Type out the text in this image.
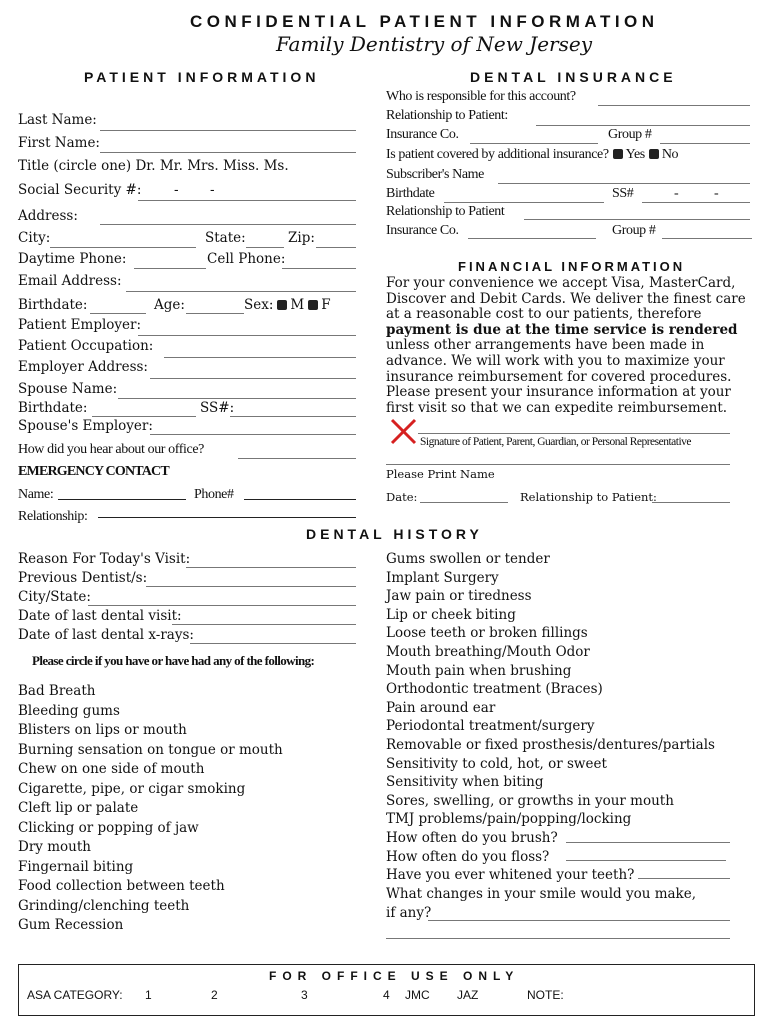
CONFIDENTIAL PATIENT INFORMATION
Family Dentistry of New Jersey
PATIENT INFORMATION
Last Name:
First Name:
Title (circle one) Dr. Mr. Mrs. Miss. Ms.
Social Security #: - -
Address:
City:	State:	Zip:
Daytime Phone:	Cell Phone:
Email Address:
Birthdate:	Age:	Sex: M F
Patient Employer:
Patient Occupation:
Employer Address:
Spouse Name:
Birthdate:	SS#:
Spouse's Employer:
How did you hear about our office?
EMERGENCY CONTACT
Name:	Phone#
Relationship:
DENTAL INSURANCE
Who is responsible for this account?
Relationship to Patient:
Insurance Co.	Group #
Is patient covered by additional insurance? Yes No
Subscriber's Name
Birthdate	SS#	-	-
Relationship to Patient
Insurance Co.	Group #
FINANCIAL INFORMATION
For your convenience we accept Visa, MasterCard, Discover and Debit Cards. We deliver the finest care at a reasonable cost to our patients, therefore payment is due at the time service is rendered unless other arrangements have been made in advance. We will work with you to maximize your insurance reimbursement for covered procedures. Please present your insurance information at your first visit so that we can expedite reimbursement.
Signature of Patient, Parent, Guardian, or Personal Representative
Please Print Name
Date:	Relationship to Patient:
DENTAL HISTORY
Reason For Today's Visit:
Previous Dentist/s:
City/State:
Date of last dental visit:
Date of last dental x-rays:
Please circle if you have or have had any of the following:
Bad Breath
Bleeding gums
Blisters on lips or mouth
Burning sensation on tongue or mouth
Chew on one side of mouth
Cigarette, pipe, or cigar smoking
Cleft lip or palate
Clicking or popping of jaw
Dry mouth
Fingernail biting
Food collection between teeth
Grinding/clenching teeth
Gum Recession
Gums swollen or tender
Implant Surgery
Jaw pain or tiredness
Lip or cheek biting
Loose teeth or broken fillings
Mouth breathing/Mouth Odor
Mouth pain when brushing
Orthodontic treatment (Braces)
Pain around ear
Periodontal treatment/surgery
Removable or fixed prosthesis/dentures/partials
Sensitivity to cold, hot, or sweet
Sensitivity when biting
Sores, swelling, or growths in your mouth
TMJ problems/pain/popping/locking
How often do you brush?
How often do you floss?
Have you ever whitened your teeth?
What changes in your smile would you make,
if any?
FOR OFFICE USE ONLY
ASA CATEGORY: 1	2	3	4 JMC JAZ	NOTE:
